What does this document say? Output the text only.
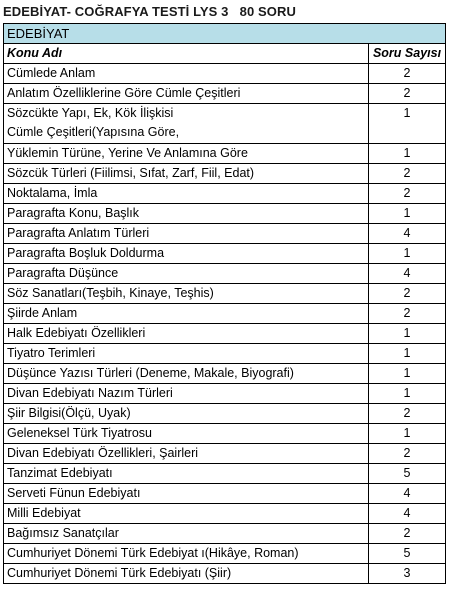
EDEBİYAT- COĞRAFYA TESTİ LYS 3   80 SORU
EDEBİYAT	
Konu Adı	Soru Sayısı
Cümlede Anlam	2
Anlatım Özelliklerine Göre Cümle Çeşitleri	2

Sözcükte Yapı, Ek, Kök İlişkisi
Cümle Çeşitleri(Yapısına Göre,	1
Yüklemin Türüne, Yerine Ve Anlamına Göre	1
Sözcük Türleri (Fiilimsi, Sıfat, Zarf, Fiil, Edat)	2
Noktalama, İmla	2
Paragrafta Konu, Başlık	1
Paragrafta Anlatım Türleri	4
Paragrafta Boşluk Doldurma	1
Paragrafta Düşünce	4
Söz Sanatları(Teşbih, Kinaye, Teşhis)	2
Şiirde Anlam	2
Halk Edebiyatı Özellikleri	1
Tiyatro Terimleri	1
Düşünce Yazısı Türleri (Deneme, Makale, Biyografi)	1
Divan Edebiyatı Nazım Türleri	1
Şiir Bilgisi(Ölçü, Uyak)	2
Geleneksel Türk Tiyatrosu	1
Divan Edebiyatı Özellikleri, Şairleri	2
Tanzimat Edebiyatı	5
Serveti Fünun Edebiyatı	4
Milli Edebiyat	4
Bağımsız Sanatçılar	2
Cumhuriyet Dönemi Türk Edebiyat ı(Hikâye, Roman)	5
Cumhuriyet Dönemi Türk Edebiyatı (Şiir)	3
